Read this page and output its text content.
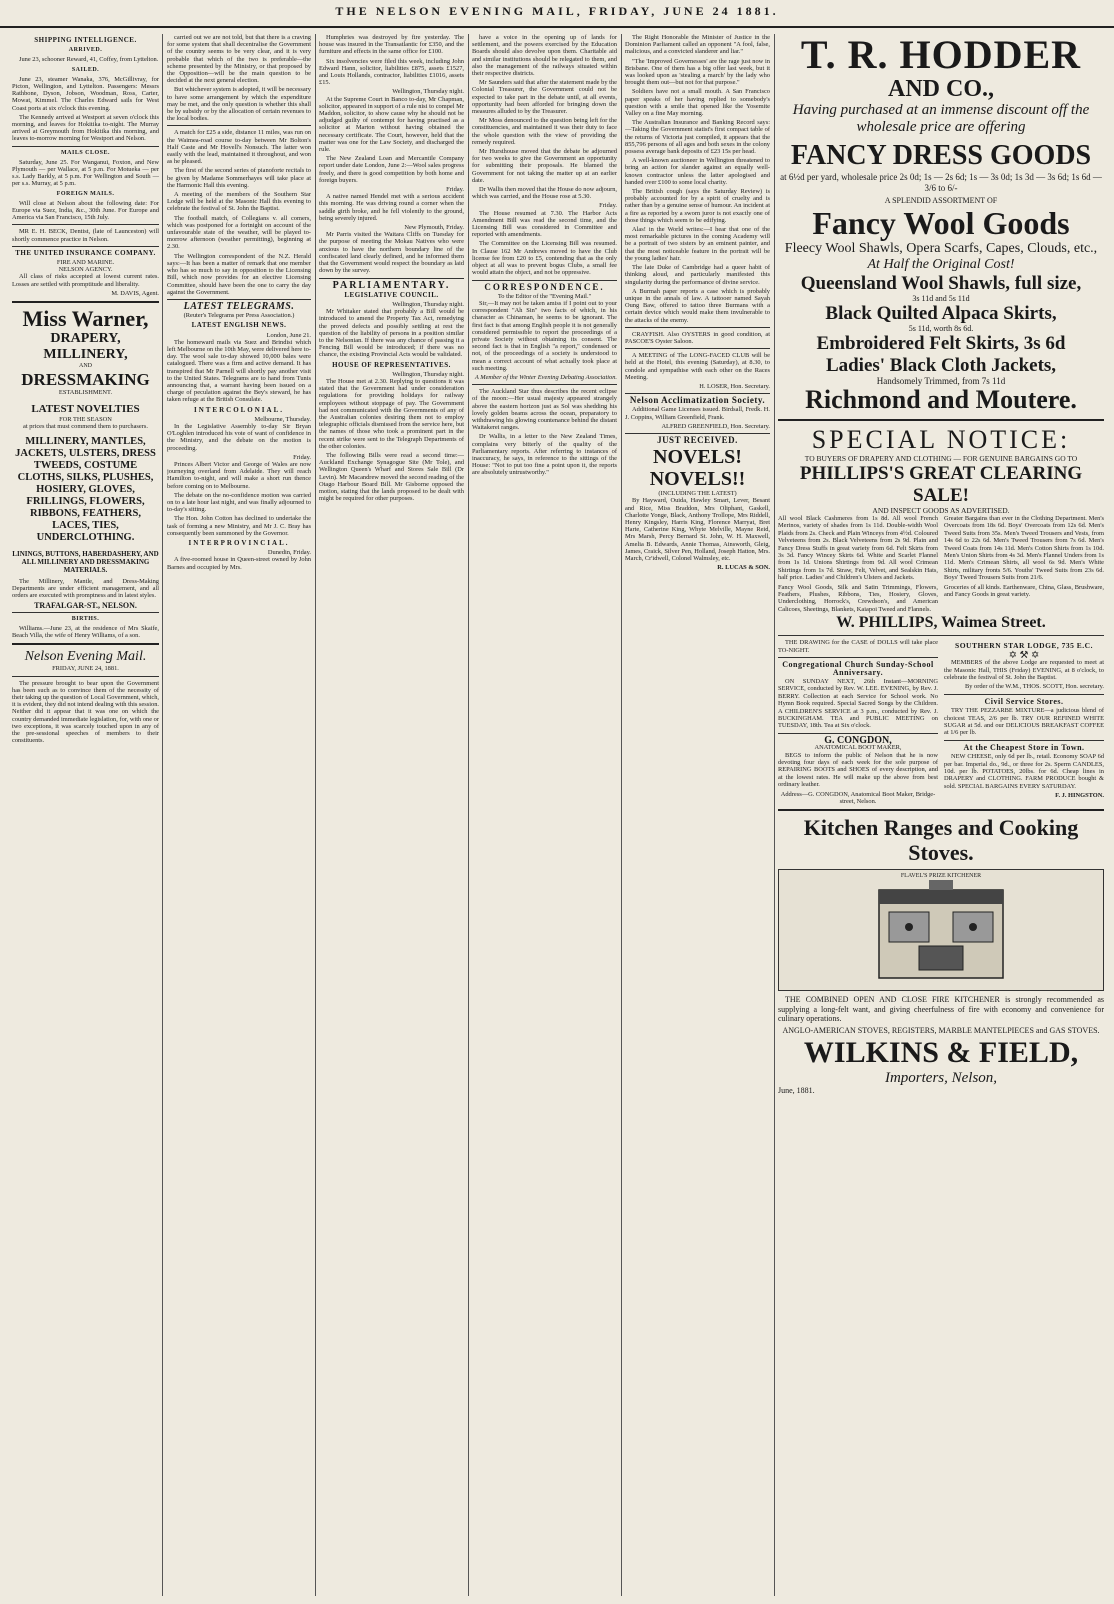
THE NELSON EVENING MAIL, FRIDAY, JUNE 24 1881.
SHIPPING INTELLIGENCE.
ARRIVED.

June 23, schooner Reward, 41, Coffey, from Lyttelton.

SAILED.

June 23, steamer Wanaka, 376, McGillivray, for Picton, Wellington, and Lyttelton. Passengers: Messrs Rathbone, Dyson, Jobson, Woodman, Ross, Carter, Mowat, Kimmel. The Charles Edward sails for West Coast ports at six o'clock this evening.

The Kennedy arrived at Westport at seven o'clock this morning, and leaves for Hokitika to-night. The Murray arrived at Greymouth from Hokitika this morning, and leaves to-morrow morning for Westport and Nelson.

MAILS CLOSE.

Saturday, June 25. For Wanganui, Foxton, and New Plymouth — per Wallace, at 5 p.m. For Motueka — per s.s. Lady Barkly, at 5 p.m. For Wellington and South — per s.s. Murray, at 5 p.m.

FOREIGN MAILS.

Will close at Nelson about the following date: For Europe via Suez, India, &c., 30th June. For Europe and America via San Francisco, 15th July.

MR E. H. BECK, Dentist, (late of Launceston) will shortly commence practice in Nelson.

THE UNITED INSURANCE COMPANY.
FIRE AND MARINE.
NELSON AGENCY.

All class of risks accepted at lowest current rates. Losses are settled with promptitude and liberality.

M. DAVIS, Agent.
Miss Warner,
DRAPERY,
MILLINERY,
AND
DRESSMAKING
ESTABLISHMENT.
LATEST NOVELTIES
FOR THE SEASON
at prices that must commend them to purchasers.
MILLINERY, MANTLES, JACKETS, ULSTERS, DRESS TWEEDS, COSTUME CLOTHS, SILKS, PLUSHES, HOSIERY, GLOVES, FRILLINGS, FLOWERS, RIBBONS, FEATHERS, LACES, TIES, UNDERCLOTHING.
LININGS, BUTTONS, HABERDASHERY, AND ALL MILLINERY AND DRESSMAKING MATERIALS.

The Millinery, Mantle, and Dress-Making Departments are under efficient management, and all orders are executed with promptness and in latest styles.

TRAFALGAR-ST., NELSON.
BIRTHS.

Williams.—June 23, at the residence of Mrs Skaife, Beach Villa, the wife of Henry Williams, of a son.

Nelson Evening Mail.
FRIDAY, JUNE 24, 1881.

The pressure brought to bear upon the Government has been such as to convince them of the necessity of their taking up the question of Local Government, which, it is evident, they did not intend dealing with this session. Neither did it appear that it was one on which the country demanded immediate legislation, for, with one or two exceptions, it was scarcely touched upon in any of the pre-sessional speeches of members to their constituents.

carried out we are not told, but that there is a craving for some system that shall decentralise the Government of the country seems to be very clear, and it is very probable that which of the two is preferable—the scheme presented by the Ministry, or that proposed by the Opposition—will be the main question to be decided at the next general election.

But whichever system is adopted, it will be necessary to have some arrangement by which the expenditure may be met, and the only question is whether this shall be by subsidy or by the allocation of certain revenues to the local bodies.

A match for £25 a side, distance 11 miles, was run on the Waimea-road course to-day between Mr Bolton's Half Caste and Mr Hovell's Nonsuch. The latter won easily with the lead, maintained it throughout, and won as he pleased.

The first of the second series of pianoforte recitals to be given by Madame Sommerhayes will take place at the Harmonic Hall this evening.

A meeting of the members of the Southern Star Lodge will be held at the Masonic Hall this evening to celebrate the festival of St. John the Baptist.

The football match, of Collegians v. all comers, which was postponed for a fortnight on account of the unfavourable state of the weather, will be played to-morrow afternoon (weather permitting), beginning at 2.30.

The Wellington correspondent of the N.Z. Herald says:—It has been a matter of remark that one member who has so much to say in opposition to the Licensing Bill, which now provides for an elective Licensing Committee, should have been the one to carry the day against the Government.

LATEST TELEGRAMS.
(Reuter's Telegrams per Press Association.)
LATEST ENGLISH NEWS.
London, June 21.

The homeward mails via Suez and Brindisi which left Melbourne on the 10th May, were delivered here to-day. The wool sale to-day showed 10,000 bales were catalogued. There was a firm and active demand. It has transpired that Mr Parnell will shortly pay another visit to the United States. Telegrams are to hand from Tunis announcing that, a warrant having been issued on a charge of peculation against the Bey's steward, he has taken refuge at the British Consulate.

INTERCOLONIAL.
Melbourne, Thursday.

In the Legislative Assembly to-day Sir Bryan O'Loghlen introduced his vote of want of confidence in the Ministry, and the debate on the motion is proceeding.

Friday.

Princes Albert Victor and George of Wales are now journeying overland from Adelaide. They will reach Hamilton to-night, and will make a short run thence before coming on to Melbourne.

The debate on the no-confidence motion was carried on to a late hour last night, and was finally adjourned to to-day's sitting.

The Hon. John Cotton has declined to undertake the task of forming a new Ministry, and Mr J. C. Bray has consequently been summoned by the Governor.

INTERPROVINCIAL.
Dunedin, Friday.

A five-roomed house in Queen-street owned by John Barnes and occupied by Mrs.

Humphries was destroyed by fire yesterday. The house was insured in the Transatlantic for £350, and the furniture and effects in the same office for £100.

Six insolvencies were filed this week, including John Edward Hann, solicitor, liabilities £875, assets £1527, and Louis Hollands, contractor, liabilities £1016, assets £15.

Wellington, Thursday night.

At the Supreme Court in Banco to-day, Mr Chapman, solicitor, appeared in support of a rule nisi to compel Mr Maddon, solicitor, to show cause why he should not be adjudged guilty of contempt for having practised as a solicitor at Marton without having obtained the necessary certificate. The Court, however, held that the matter was one for the Law Society, and discharged the rule.

The New Zealand Loan and Mercantile Company report under date London, June 2:—Wool sales progress freely, and there is good competition by both home and foreign buyers.

Friday.

A native named Hendel met with a serious accident this morning. He was driving round a corner when the saddle girth broke, and he fell violently to the ground, being severely injured.

New Plymouth, Friday.

Mr Parris visited the Waitara Cliffs on Tuesday for the purpose of meeting the Mokau Natives who were anxious to have the northern boundary line of the confiscated land clearly defined, and he informed them that the Government would respect the boundary as laid down by the survey.

PARLIAMENTARY.
LEGISLATIVE COUNCIL.
Wellington, Thursday night.

Mr Whitaker stated that probably a Bill would be introduced to amend the Property Tax Act, remedying the proved defects and possibly settling at rest the question of the liability of persons in a position similar to the Nelsonian. If there was any chance of passing it a Fencing Bill would be introduced; if there was no chance, the existing Provincial Acts would be validated.

HOUSE OF REPRESENTATIVES.
Wellington, Thursday night.

The House met at 2.30. Replying to questions it was stated that the Government had under consideration regulations for providing holidays for railway employees without stoppage of pay. The Government had not communicated with the Governments of any of the Australian colonies desiring them not to employ telegraphic officials dismissed from the service here, but the names of those who took a prominent part in the recent strike were sent to the Telegraph Departments of the other colonies.

The following Bills were read a second time:—Auckland Exchange Synagogue Site (Mr Tole), and Wellington Queen's Wharf and Stores Sale Bill (Dr Levin). Mr Macandrew moved the second reading of the Otago Harbour Board Bill. Mr Gisborne opposed the motion, stating that the lands proposed to be dealt with might be required for other purposes.

have a voice in the opening up of lands for settlement, and the powers exercised by the Education Boards should also devolve upon them. Charitable aid and similar institutions should be relegated to them, and also the management of the railways situated within their respective districts.

Mr Saunders said that after the statement made by the Colonial Treasurer, the Government could not be expected to take part in the debate until, at all events, opportunity had been afforded for bringing down the measures alluded to by the Treasurer.

Mr Moss denounced to the question being left for the constituencies, and maintained it was their duty to face the whole question with the view of providing the remedy required.

Mr Hursthouse moved that the debate be adjourned for two weeks to give the Government an opportunity for submitting their proposals. He blamed the Government for not taking the matter up at an earlier date.

Dr Wallis then moved that the House do now adjourn, which was carried, and the House rose at 5.30.

Friday.

The House resumed at 7.30. The Harbor Acts Amendment Bill was read the second time, and the Licensing Bill was considered in Committee and reported with amendments.

The Committee on the Licensing Bill was resumed. In Clause 162 Mr Andrews moved to have the Club license fee from £20 to £5, contending that as the only object at all was to prevent bogus Clubs, a small fee would attain the object, and not be oppressive.

CORRESPONDENCE.
To the Editor of the "Evening Mail."

Sir,—It may not be taken amiss if I point out to your correspondent "Ah Sin" two facts of which, in his character as Chinaman, he seems to be ignorant. The first fact is that among English people it is not generally considered permissible to report the proceedings of a private Society without obtaining its consent. The second fact is that in English "a report," condensed or not, of the proceedings of a society is understood to mean a correct account of what actually took place at such meeting.

A Member of the Winter Evening Debating Association.

The Auckland Star thus describes the recent eclipse of the moon:—Her usual majesty appeared strangely above the eastern horizon just as Sol was shedding his lovely golden beams across the ocean, preparatory to withdrawing his glowing countenance behind the distant Waitakerei ranges.

Dr Wallis, in a letter to the New Zealand Times, complains very bitterly of the quality of the Parliamentary reports. After referring to instances of inaccuracy, he says, in reference to the sittings of the House: "Not to put too fine a point upon it, the reports are absolutely untrustworthy."

The Right Honorable the Minister of Justice in the Dominion Parliament called an opponent "A fool, false, malicious, and a convicted slanderer and liar."

"The 'Improved Governesses' are the rage just now in Brisbane. One of them has a big offer last week, but it was looked upon as 'stealing a march' by the lady who brought them out—but not for that purpose."

Soldiers have not a small mouth. A San Francisco paper speaks of her having replied to somebody's question with a smile that opened like the Yosemite Valley on a fine May morning.

The Australian Insurance and Banking Record says:—Taking the Government statist's first compact table of the returns of Victoria just compiled, it appears that the 855,796 persons of all ages and both sexes in the colony possess average bank deposits of £23 15s per head.

A well-known auctioneer in Wellington threatened to bring an action for slander against an equally well-known contractor unless the latter apologised and handed over £100 to some local charity.

The British cough (says the Saturday Review) is probably accounted for by a spirit of cruelty and is rather than by a genuine sense of humour. An incident at a fire as reported by a sworn juror is not exactly one of those things which seem to be edifying.

Alas! in the World writes:—I hear that one of the most remarkable pictures in the coming Academy will be a portrait of two sisters by an eminent painter, and that the most noticeable feature in the portrait will be the young ladies' hair.

The late Duke of Cambridge had a queer habit of thinking aloud, and particularly manifested this singularity during the performance of divine service.

A Burmah paper reports a case which is probably unique in the annals of law. A tattooer named Sayah Oung Baw, offered to tattoo three Burmans with a certain device which would make them invulnerable to the attacks of the enemy.

CRAYFISH. Also OYSTERS in good condition, at PASCOE'S Oyster Saloon.

A MEETING of The LONG-FACED CLUB will be held at the Hotel, this evening (Saturday), at 8.30, to condole and sympathise with each other on the Races Meeting.

H. LOSER, Hon. Secretary.
Nelson Acclimatization Society.

Additional Game Licenses issued. Birdsall, Fredk. H. J. Coppins, William Greenfield, Frank.

ALFRED GREENFIELD, Hon. Secretary.
JUST RECEIVED.
NOVELS! NOVELS!!
(INCLUDING THE LATEST)

By Hayward, Ouida, Hawley Smart, Lever, Besant and Rice, Miss Braddon, Mrs Oliphant, Gaskell, Charlotte Yonge, Black, Anthony Trollope, Mrs Riddell, Henry Kingsley, Harris King, Florence Marryat, Bret Harte, Catherine King, Whyte Melville, Mayne Reid, Mrs Marsh, Percy Bernard St. John, W. H. Maxwell, Amelia B. Edwards, Annie Thomas, Ainsworth, Gleig, James, Craick, Silver Pen, Holland, Joseph Hatton, Mrs. March, Cr'idwell, Colonel Walmsley, etc.

R. LUCAS & SON.
T. R. HODDER
AND CO.,
Having purchased at an immense discount off the wholesale price are offering
FANCY DRESS GOODS
at 6½d per yard, wholesale price 2s 0d; 1s — 2s 6d; 1s — 3s 0d; 1s 3d — 3s 6d; 1s 6d — 3/6 to 6/-
A SPLENDID ASSORTMENT OF
Fancy Wool Goods
Fleecy Wool Shawls, Opera Scarfs, Capes, Clouds, etc.,
At Half the Original Cost!
Queensland Wool Shawls, full size,
3s 11d and 5s 11d
Black Quilted Alpaca Skirts,
5s 11d, worth 8s 6d.
Embroidered Felt Skirts, 3s 6d
Ladies' Black Cloth Jackets,
Handsomely Trimmed, from 7s 11d
Richmond and Moutere.
SPECIAL NOTICE:
TO BUYERS OF DRAPERY AND CLOTHING — FOR GENUINE BARGAINS GO TO
PHILLIPS'S GREAT CLEARING SALE!
AND INSPECT GOODS AS ADVERTISED.
All wool Black Cashmeres from 1s 8d. All wool French Merinos, variety of shades from 1s 11d. Double-width Wool Plaids from 2s. Check and Plain Winceys from 4½d. Coloured Velveteens from 2s. Black Velveteens from 2s 9d. Plain and Fancy Dress Stuffs in great variety from 6d. Felt Skirts from 3s 3d. Fancy Wincey Skirts 6d. White and Scarlet Flannel from 1s 1d. Unions Shirtings from 9d. All wool Crimean Shirtings from 1s 7d. Straw, Felt, Velvet, and Sealskin Hats, half price. Ladies' and Children's Ulsters and Jackets.
Greater Bargains than ever in the Clothing Department. Men's Overcoats from 18s 6d. Boys' Overcoats from 12s 6d. Men's Tweed Suits from 35s. Men's Tweed Trousers and Vests, from 14s 6d to 22s 6d. Men's Tweed Trousers from 7s 6d. Men's Tweed Coats from 14s 11d. Men's Cotton Shirts from 1s 10d. Men's Union Shirts from 4s 3d. Men's Flannel Unders from 1s 11d. Men's Crimean Shirts, all wool 6s 9d. Men's White Shirts, military fronts 5/6. Youths' Tweed Suits from 23s 6d. Boys' Tweed Trousers Suits from 21/6.
Fancy Wool Goods, Silk and Satin Trimmings, Flowers, Feathers, Plushes, Ribbons, Ties, Hosiery, Gloves, Underclothing, Horrock's, Crewdson's, and American Calicoes, Sheetings, Blankets, Kaiapoi Tweed and Flannels.
Groceries of all kinds. Earthenware, China, Glass, Brushware, and Fancy Goods in great variety.
W. PHILLIPS, Waimea Street.

THE DRAWING for the CASE of DOLLS will take place TO-NIGHT.

Congregational Church Sunday-School Anniversary.

ON SUNDAY NEXT, 26th Instant—MORNING SERVICE, conducted by Rev. W. LEE. EVENING, by Rev. J. BERRY. Collection at each Service for School work. No Hymn Book required. Special Sacred Songs by the Children. A CHILDREN'S SERVICE at 3 p.m., conducted by Rev. J. BUCKINGHAM. TEA and PUBLIC MEETING on TUESDAY, 18th. Tea at Six o'clock.

G. CONGDON,
ANATOMICAL BOOT MAKER,

BEGS to inform the public of Nelson that he is now devoting four days of each week for the sole purpose of REPAIRING BOOTS and SHOES of every description, and at the lowest rates. He will make up the above from best ordinary leather.

Address—G. CONGDON, Anatomical Boot Maker, Bridge-street, Nelson.
SOUTHERN STAR LODGE, 735 E.C.
✡ ⚒ ✡

MEMBERS of the above Lodge are requested to meet at the Masonic Hall, THIS (Friday) EVENING, at 8 o'clock, to celebrate the festival of St. John the Baptist.

By order of the W.M., THOS. SCOTT, Hon. secretary.
Civil Service Stores.

TRY THE PEZZARBE MIXTURE—a judicious blend of choicest TEAS, 2/6 per lb. TRY OUR REFINED WHITE SUGAR at 5d. and our DELICIOUS BREAKFAST COFFEE at 1/6 per lb.

At the Cheapest Store in Town.

NEW CHEESE, only 6d per lb., retail. Economy SOAP 6d per bar. Imperial do., 9d., or three for 2s. Sperm CANDLES, 10d. per lb. POTATOES, 20lbs. for 6d. Cheap lines in DRAPERY and CLOTHING. FARM PRODUCE bought & sold. SPECIAL BARGAINS EVERY SATURDAY.

F. J. HINGSTON.
Kitchen Ranges and Cooking Stoves.
FLAVEL'S PRIZE KITCHENER

THE COMBINED OPEN AND CLOSE FIRE KITCHENER is strongly recommended as supplying a long-felt want, and giving cheerfulness of fire with economy and convenience for culinary operations.

ANGLO-AMERICAN STOVES, REGISTERS, MARBLE MANTELPIECES and GAS STOVES.
WILKINS & FIELD,
Importers, Nelson,
June, 1881.
